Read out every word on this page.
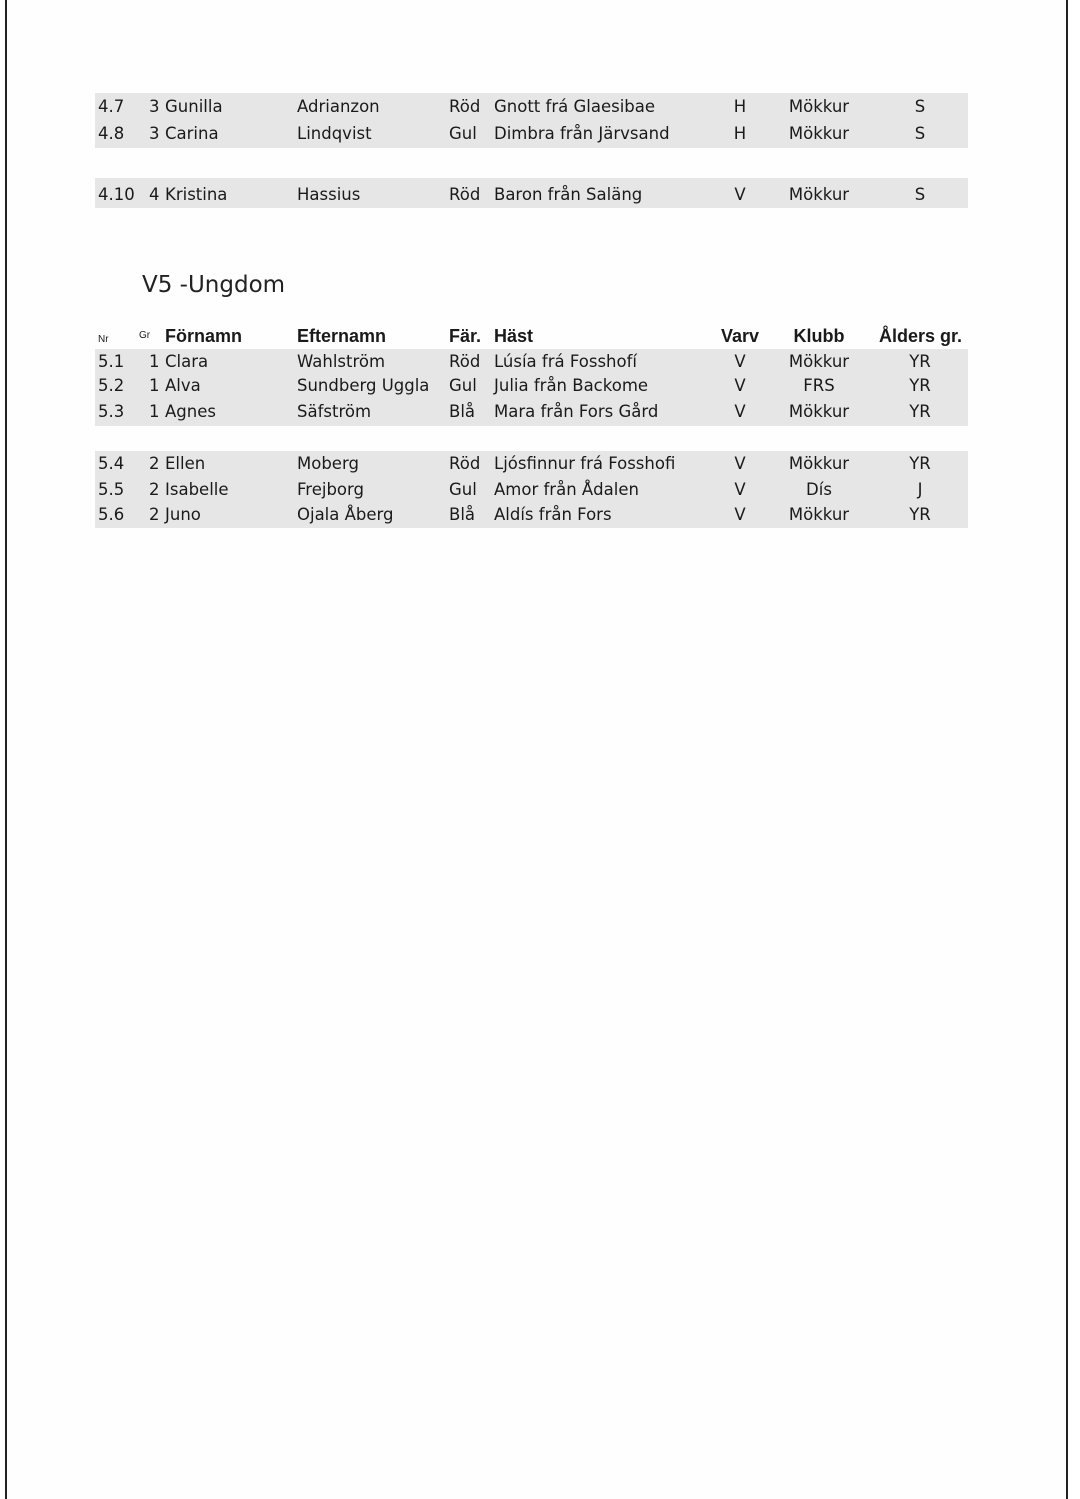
4.7 3 Gunilla	Adrianzon	Röd Gnott frá Glaesibae	H	Mökkur	S
4.8 3 Carina	Lindqvist	Gul Dimbra från Järvsand	H	Mökkur	S
4.10 4 Kristina	Hassius	Röd Baron från Saläng	V	Mökkur	S
V5 -Ungdom
Nr	Gr Förnamn	Efternamn	Fär. Häst	Varv	Klubb	Ålders gr.
5.1 1 Clara	Wahlström	Röd Lúsía frá Fosshofí	V	Mökkur	YR
5.2 1 Alva	Sundberg Uggla Gul Julia från Backome	V	FRS	YR
5.3 1 Agnes	Säfström	Blå Mara från Fors Gård	V	Mökkur	YR
5.4 2 Ellen	Moberg	Röd Ljósfinnur frá Fosshofi	V	Mökkur	YR
5.5 2 Isabelle	Frejborg	Gul Amor från Ådalen	V	Dís	J
5.6 2 Juno	Ojala Åberg	Blå Aldís från Fors	V	Mökkur	YR
